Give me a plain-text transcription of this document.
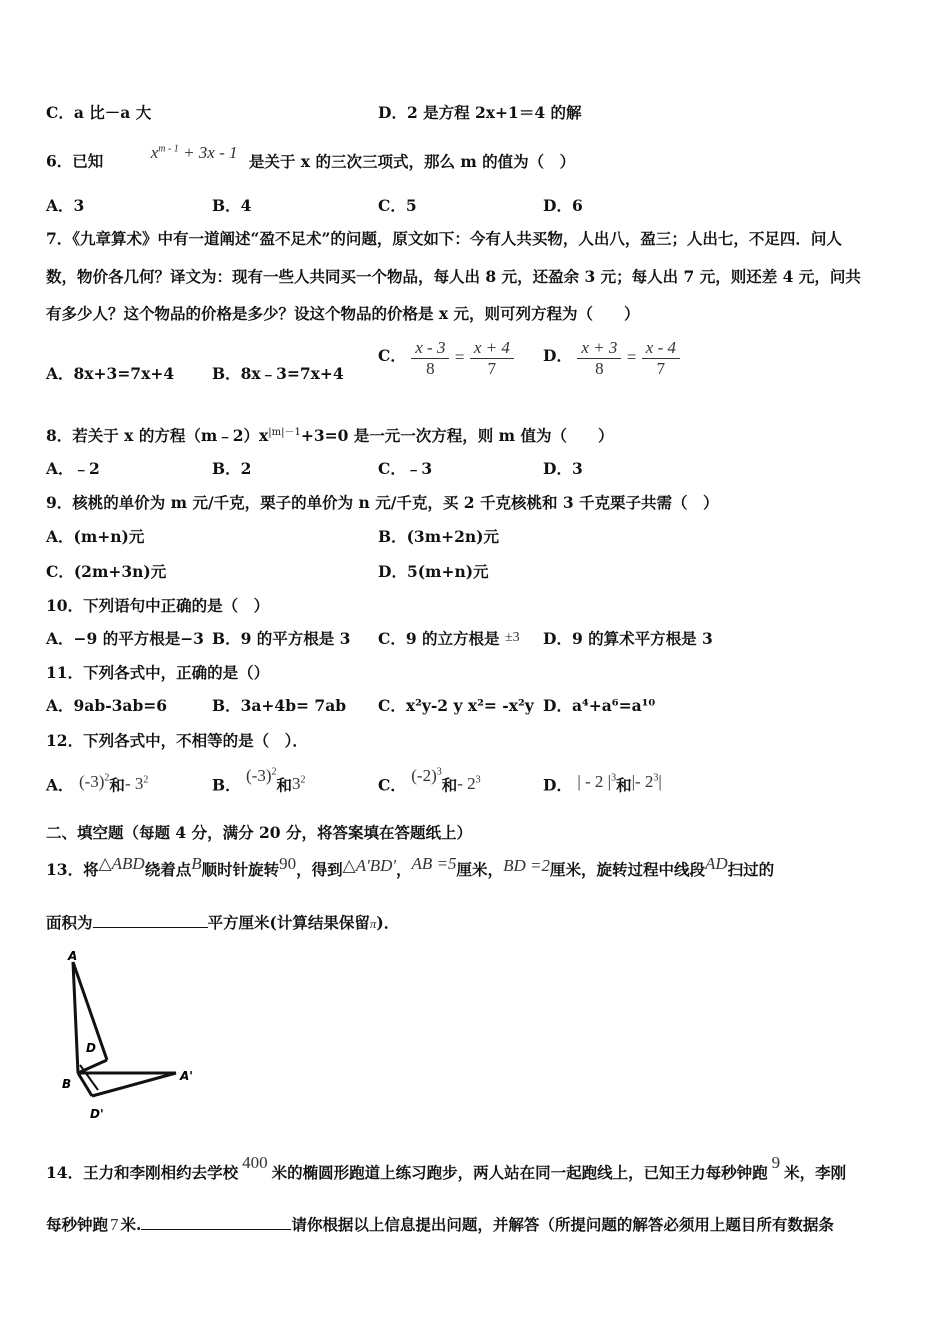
C．a 比－a 大	D．2 是方程 2x+1＝4 的解
6．已知	$x^{m - 1} + 3x - 1$ 是关于 x 的三次三项式，那么 m 的值为（　）
A．3	B．4	C．5	D．6
7．《九章算术》中有一道阐述“盈不足术”的问题，原文如下：今有人共买物，人出八，盈三；人出七，不足四．问人
数，物价各几何？译文为：现有一些人共同买一个物品，每人出 8 元，还盈余 3 元；每人出 7 元，则还差 4 元，问共
有多少人？这个物品的价格是多少？设这个物品的价格是 x 元，则可列方程为（　　）
A．8x+3=7x+4 B．8x﹣3=7x+4
C． $\frac{x - 3}{8} = \frac{x + 4}{7}$ D． $\frac{x + 3}{8} = \frac{x - 4}{7}$
8．若关于 x 的方程$(m﹣2)x^{|m|-1}+3=0$ 是一元一次方程，则 m 值为（　　）
A．﹣2	B．2	C．﹣3	D．3
9．核桃的单价为 m 元/千克，栗子的单价为 n 元/千克，买 2 千克核桃和 3 千克栗子共需（　）
A．(m+n)元	B．(3m+2n)元
C．(2m+3n)元	D．5(m+n)元
10．下列语句中正确的是（　）
A．−9 的平方根是−3 B．9 的平方根是 3 C．9 的立方根是 ±3 D．9 的算术平方根是 3
11．下列各式中，正确的是（）
A．9ab-3ab=6	B．3a+4b= 7ab C．x²y-2 y x²= -x²y D．a⁴+a⁶=a¹⁰
12．下列各式中，不相等的是（　）．
A． $(-3)^2$和- $3^2$	B． $(-3)^2$和$3^2$	C． $(-2)^3$和- $2^3$	D． | - 2 $|^3$和|- $2^3|$
二、填空题（每题 4 分，满分 20 分，将答案填在答题纸上）
13．将△ABD绕着点B顺时针旋转90，得到△A'BD'，AB =5厘米，BD =2厘米，旋转过程中线段AD扫过的
面积为	平方厘米(计算结果保留π)．
A
D
B
A'
D'
14．王力和李刚相约去学校400米的椭圆形跑道上练习跑步，两人站在同一起跑线上，已知王力每秒钟跑9米，李刚
每秒钟跑 7 米.	请你根据以上信息提出问题，并解答（所提问题的解答必须用上题目所有数据条
